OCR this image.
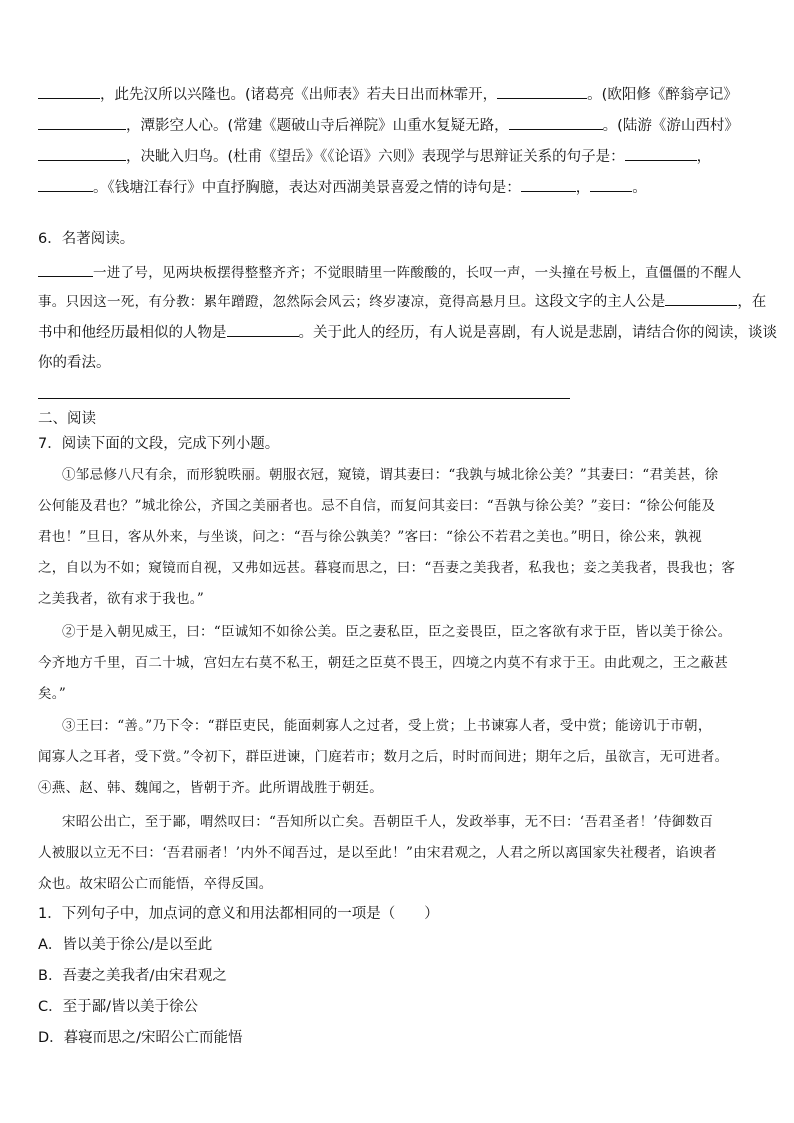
，此先汉所以兴隆也。(诸葛亮《出师表》若夫日出而林霏开，	。(欧阳修《醉翁亭记》
，潭影空人心。(常建《题破山寺后禅院》山重水复疑无路，	。(陆游《游山西村》
，决眦入归鸟。(杜甫《望岳》《《论语》六则》表现学与思辩证关系的句子是：	，
。《钱塘江春行》中直抒胸臆，表达对西湖美景喜爱之情的诗句是：	，	。
6．名著阅读。
一进了号，见两块板摆得整整齐齐；不觉眼睛里一阵酸酸的，长叹一声，一头撞在号板上，直僵僵的不醒人
事。只因这一死，有分教：累年蹭蹬，忽然际会风云；终岁凄凉，竟得高悬月旦。这段文字的主人公是	，在
书中和他经历最相似的人物是	。关于此人的经历，有人说是喜剧，有人说是悲剧，请结合你的阅读，谈谈
你的看法。
二、阅读
7．阅读下面的文段，完成下列小题。
①邹忌修八尺有余，而形貌昳丽。朝服衣冠，窥镜，谓其妻曰：“我孰与城北徐公美？”其妻曰：“君美甚，徐
公何能及君也？”城北徐公，齐国之美丽者也。忌不自信，而复问其妾曰：“吾孰与徐公美？”妾曰：“徐公何能及
君也！”旦日，客从外来，与坐谈，问之：“吾与徐公孰美？”客曰：“徐公不若君之美也。”明日，徐公来，孰视
之，自以为不如；窥镜而自视，又弗如远甚。暮寝而思之，曰：“吾妻之美我者，私我也；妾之美我者，畏我也；客
之美我者，欲有求于我也。”
②于是入朝见威王，曰：“臣诚知不如徐公美。臣之妻私臣，臣之妾畏臣，臣之客欲有求于臣，皆以美于徐公。
今齐地方千里，百二十城，宫妇左右莫不私王，朝廷之臣莫不畏王，四境之内莫不有求于王。由此观之，王之蔽甚
矣。”
③王曰：“善。”乃下令：“群臣吏民，能面刺寡人之过者，受上赏；上书谏寡人者，受中赏；能谤讥于市朝，
闻寡人之耳者，受下赏。”令初下，群臣进谏，门庭若市；数月之后，时时而间进；期年之后，虽欲言，无可进者。
④燕、赵、韩、魏闻之，皆朝于齐。此所谓战胜于朝廷。
宋昭公出亡，至于鄙，喟然叹曰：“吾知所以亡矣。吾朝臣千人，发政举事，无不曰：‘吾君圣者！’侍御数百
人被服以立无不曰：‘吾君丽者！’内外不闻吾过，是以至此！”由宋君观之，人君之所以离国家失社稷者，谄谀者
众也。故宋昭公亡而能悟，卒得反国。
1．下列句子中，加点词的意义和用法都相同的一项是（　　）
A．皆以美于徐公/是以至此
B．吾妻之美我者/由宋君观之
C．至于鄙/皆以美于徐公
D．暮寝而思之/宋昭公亡而能悟
